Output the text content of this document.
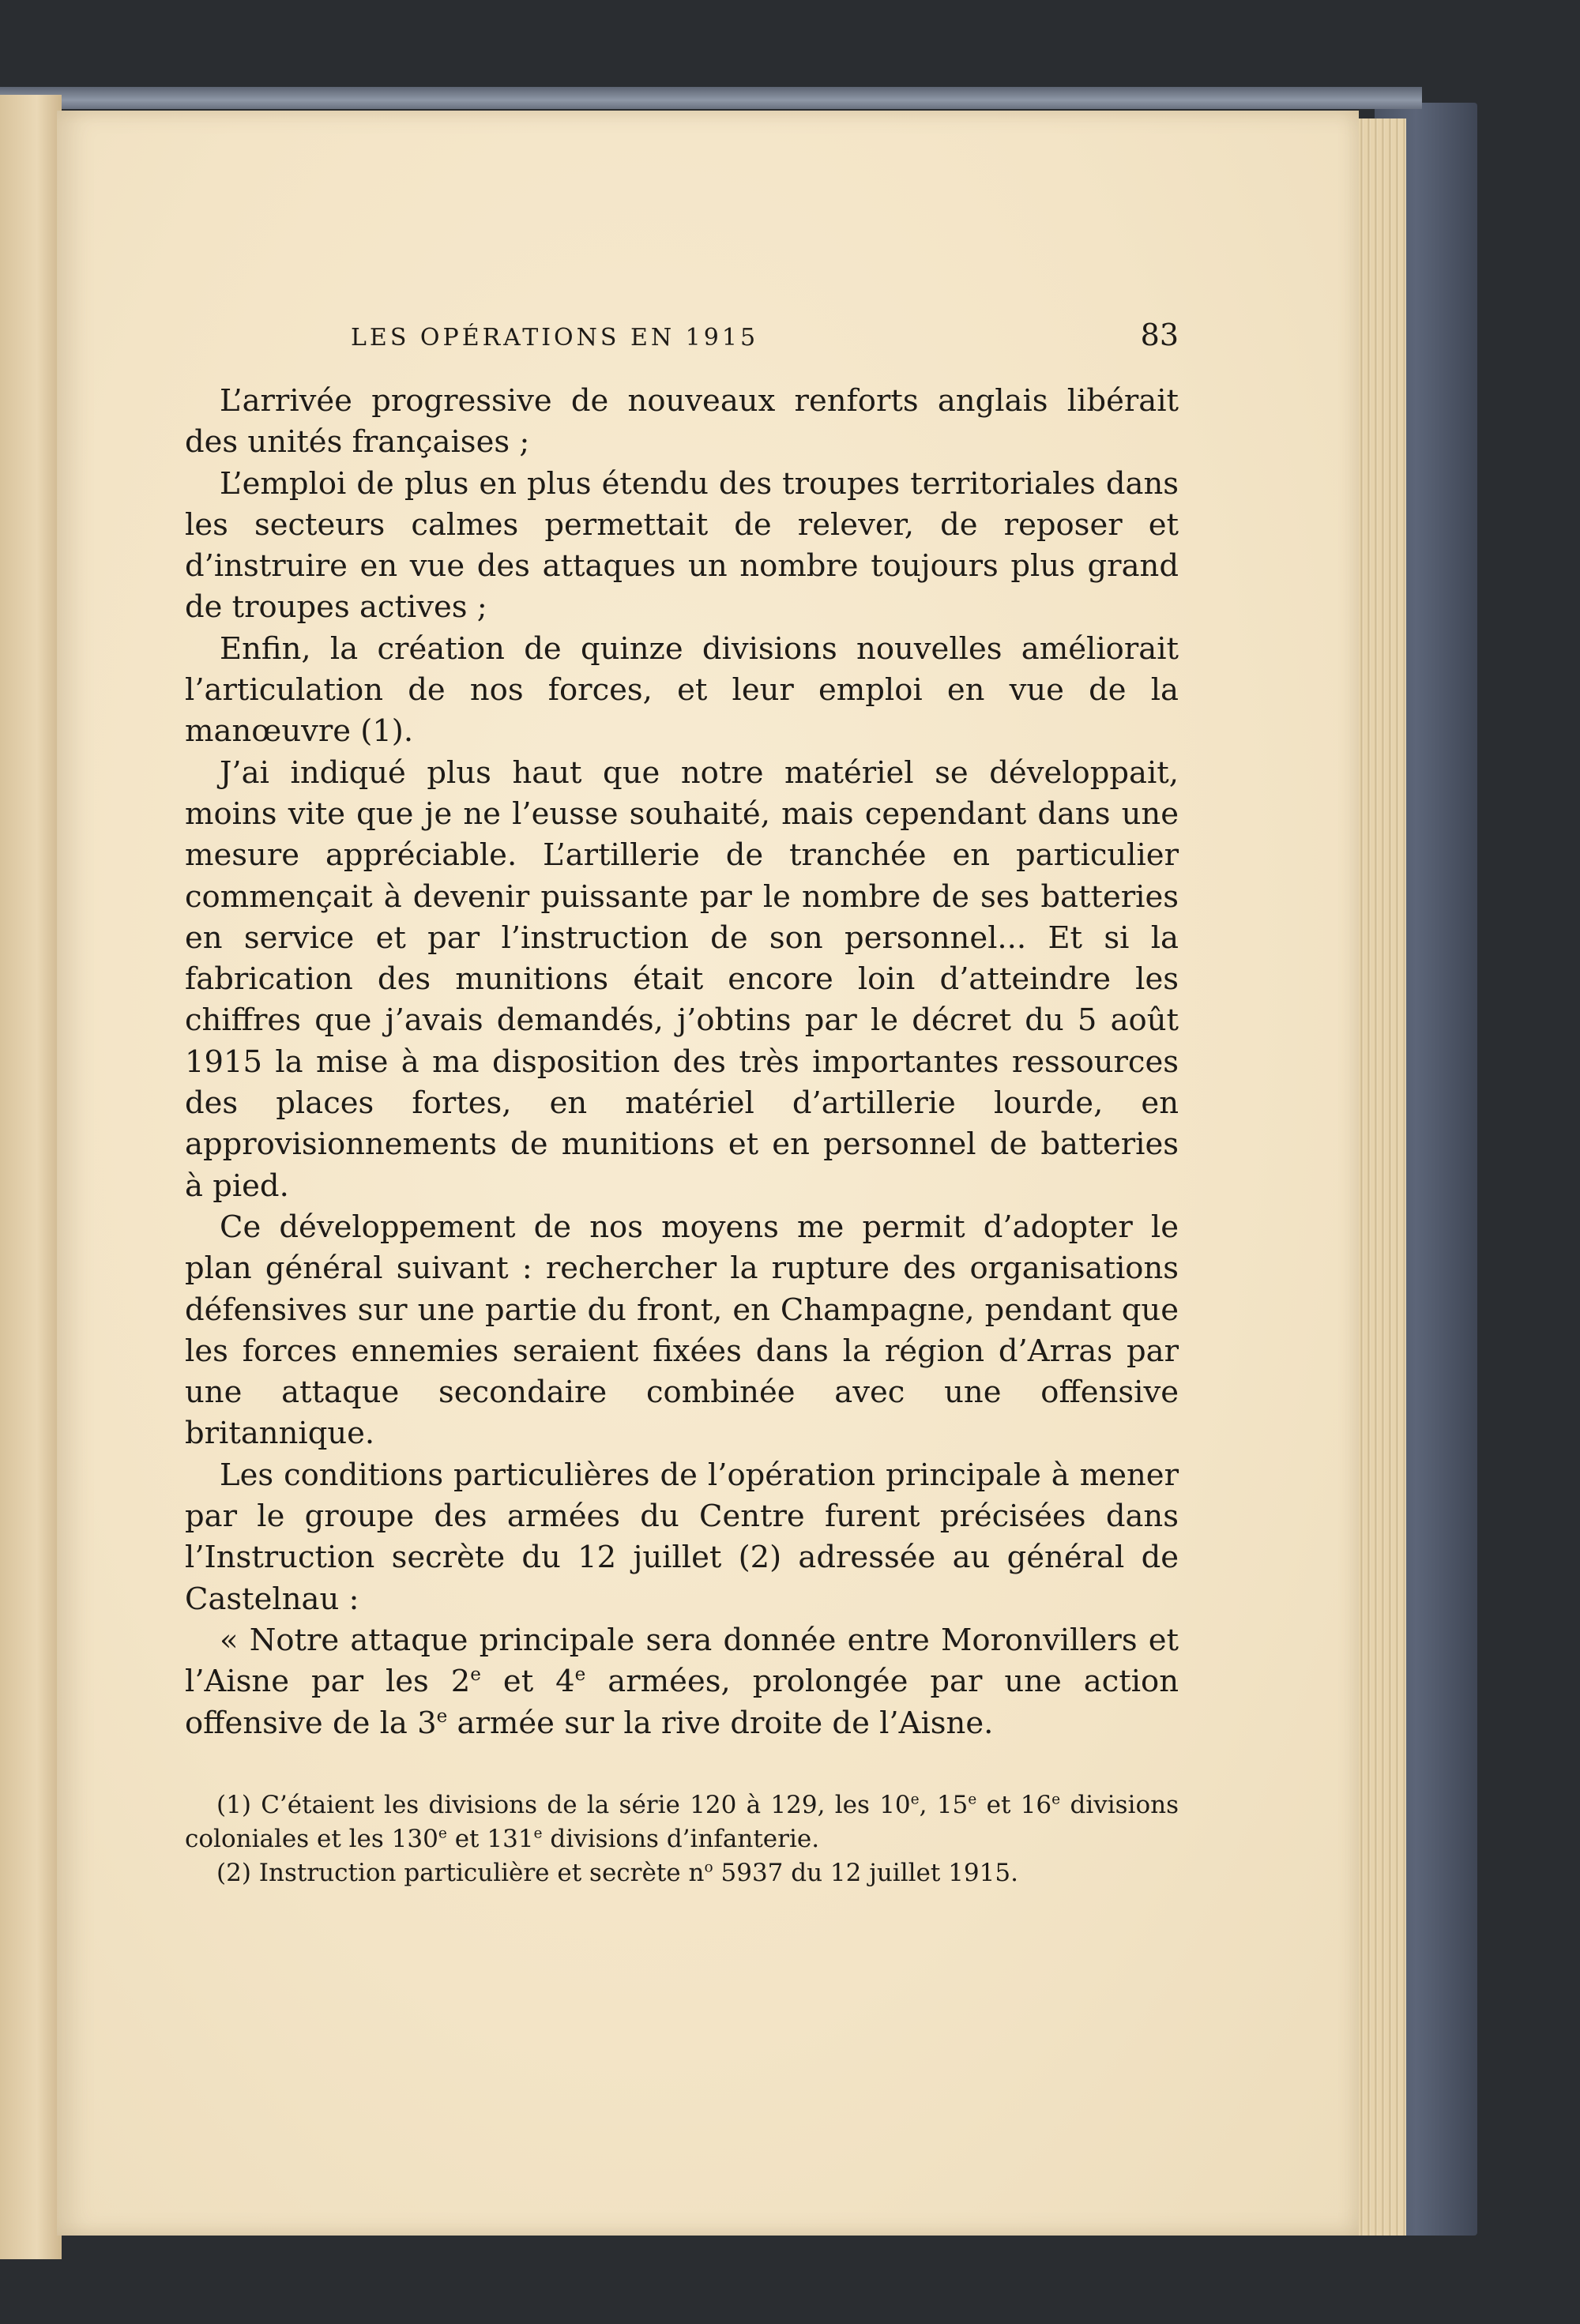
LES OPÉRATIONS EN 1915	83

L’arrivée progressive de nouveaux renforts anglais libérait des unités françaises ;

L’emploi de plus en plus étendu des troupes territoriales dans les secteurs calmes permettait de relever, de reposer et d’instruire en vue des attaques un nombre toujours plus grand de troupes actives ;

Enfin, la création de quinze divisions nouvelles améliorait l’articulation de nos forces, et leur emploi en vue de la manœuvre (1).

J’ai indiqué plus haut que notre matériel se développait, moins vite que je ne l’eusse souhaité, mais cependant dans une mesure appréciable. L’artillerie de tranchée en particulier commençait à devenir puissante par le nombre de ses batteries en service et par l’instruction de son personnel... Et si la fabrication des munitions était encore loin d’atteindre les chiffres que j’avais demandés, j’obtins par le décret du 5 août 1915 la mise à ma disposition des très importantes ressources des places fortes, en matériel d’artillerie lourde, en approvisionnements de munitions et en personnel de batteries à pied.

Ce développement de nos moyens me permit d’adopter le plan général suivant : rechercher la rupture des organisations défensives sur une partie du front, en Champagne, pendant que les forces ennemies seraient fixées dans la région d’Arras par une attaque secondaire combinée avec une offensive britannique.

Les conditions particulières de l’opération principale à mener par le groupe des armées du Centre furent précisées dans l’Instruction secrète du 12 juillet (2) adressée au général de Castelnau :

« Notre attaque principale sera donnée entre Moronvillers et l’Aisne par les 2e et 4e armées, prolongée par une action offensive de la 3e armée sur la rive droite de l’Aisne.

(1) C’étaient les divisions de la série 120 à 129, les 10e, 15e et 16e divisions coloniales et les 130e et 131e divisions d’infanterie.

(2) Instruction particulière et secrète $n^o$ 5937 du 12 juillet 1915.
